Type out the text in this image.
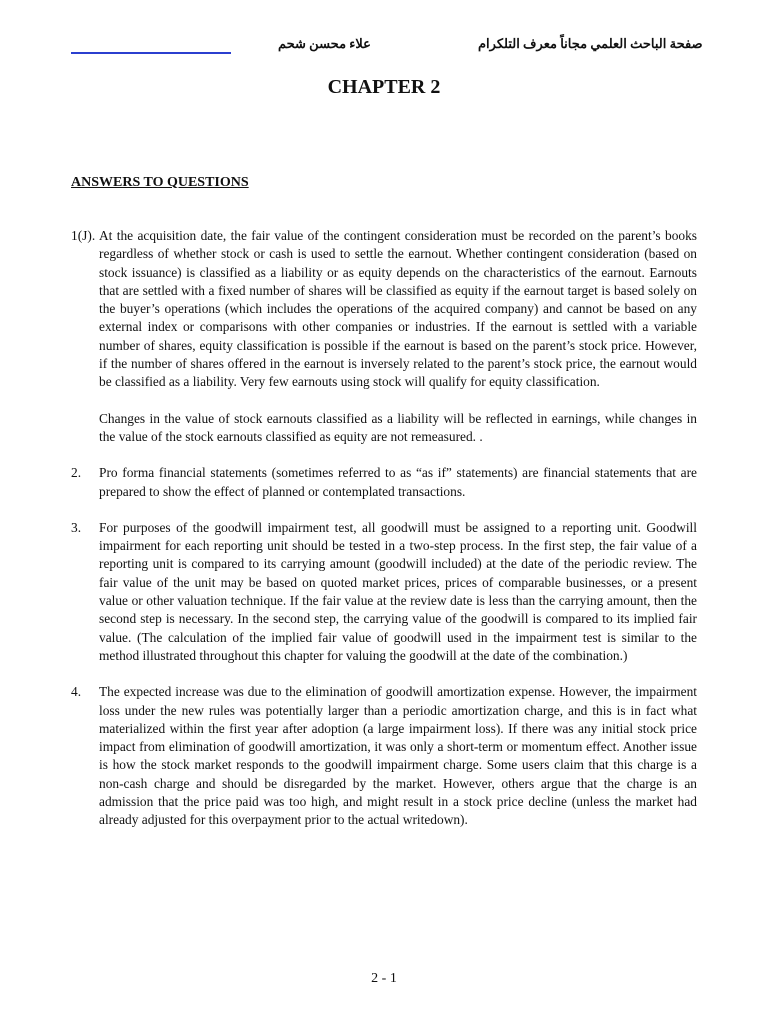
علاء محسن شحم	صفحة الباحث العلمي مجاناً معرف التلكرام
CHAPTER 2
ANSWERS TO QUESTIONS
1(J). At the acquisition date, the fair value of the contingent consideration must be recorded on the parent’s books regardless of whether stock or cash is used to settle the earnout. Whether contingent consideration (based on stock issuance) is classified as a liability or as equity depends on the characteristics of the earnout. Earnouts that are settled with a fixed number of shares will be classified as equity if the earnout target is based solely on the buyer’s operations (which includes the operations of the acquired company) and cannot be based on any external index or comparisons with other companies or industries. If the earnout is settled with a variable number of shares, equity classification is possible if the earnout is based on the parent’s stock price. However, if the number of shares offered in the earnout is inversely related to the parent’s stock price, the earnout would be classified as a liability. Very few earnouts using stock will qualify for equity classification.

Changes in the value of stock earnouts classified as a liability will be reflected in earnings, while changes in the value of the stock earnouts classified as equity are not remeasured. .

2. Pro forma financial statements (sometimes referred to as “as if” statements) are financial statements that are prepared to show the effect of planned or contemplated transactions.

3. For purposes of the goodwill impairment test, all goodwill must be assigned to a reporting unit. Goodwill impairment for each reporting unit should be tested in a two-step process. In the first step, the fair value of a reporting unit is compared to its carrying amount (goodwill included) at the date of the periodic review. The fair value of the unit may be based on quoted market prices, prices of comparable businesses, or a present value or other valuation technique. If the fair value at the review date is less than the carrying amount, then the second step is necessary. In the second step, the carrying value of the goodwill is compared to its implied fair value. (The calculation of the implied fair value of goodwill used in the impairment test is similar to the method illustrated throughout this chapter for valuing the goodwill at the date of the combination.)

4. The expected increase was due to the elimination of goodwill amortization expense. However, the impairment loss under the new rules was potentially larger than a periodic amortization charge, and this is in fact what materialized within the first year after adoption (a large impairment loss). If there was any initial stock price impact from elimination of goodwill amortization, it was only a short-term or momentum effect. Another issue is how the stock market responds to the goodwill impairment charge. Some users claim that this charge is a non-cash charge and should be disregarded by the market. However, others argue that the charge is an admission that the price paid was too high, and might result in a stock price decline (unless the market had already adjusted for this overpayment prior to the actual writedown).

2 - 1
